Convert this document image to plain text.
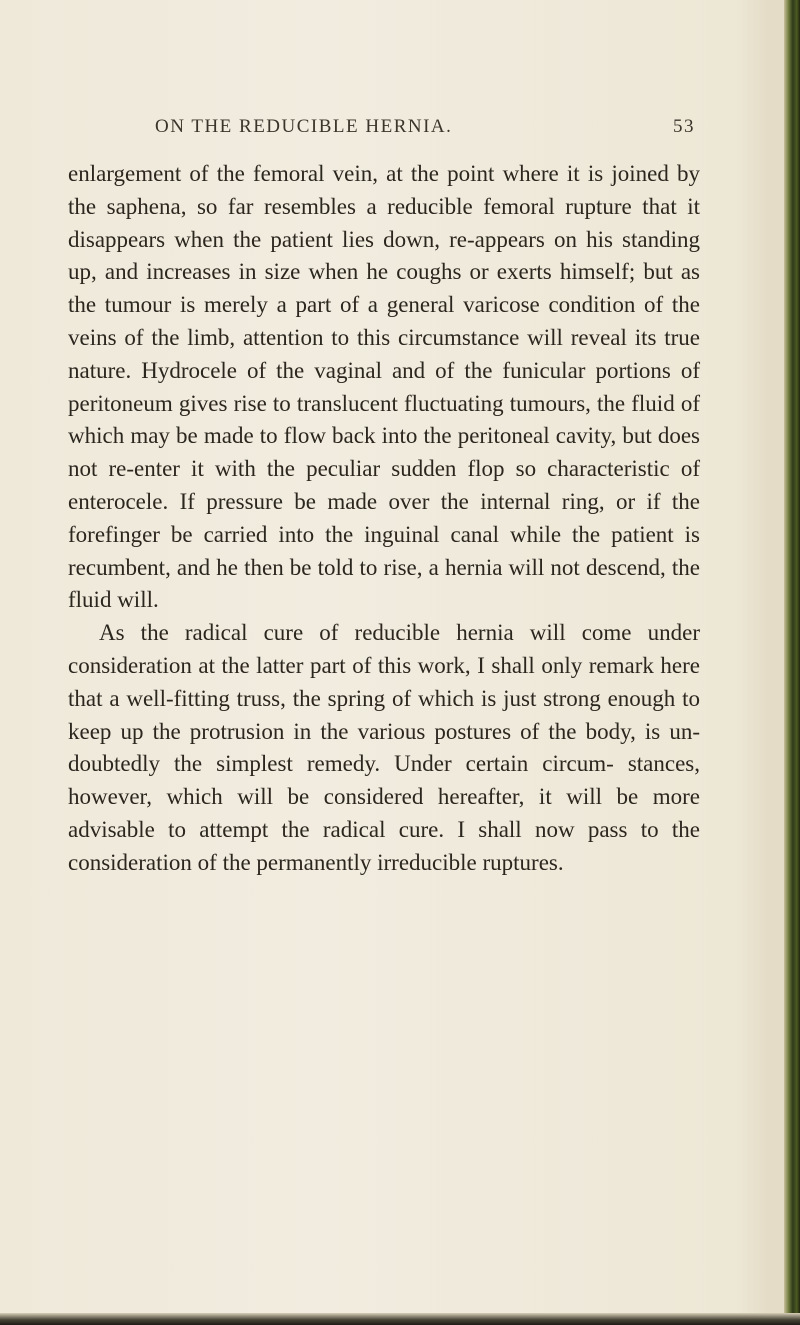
ON THE REDUCIBLE HERNIA.	53

enlargement of the femoral vein, at the point where it is joined by the saphena, so far resembles a reducible femoral rupture that it disappears when the patient lies down, re-appears on his standing up, and increases in size when he coughs or exerts himself; but as the tumour is merely a part of a general varicose condition of the veins of the limb, attention to this circumstance will reveal its true nature. Hydrocele of the vaginal and of the funicular portions of peritoneum gives rise to translucent fluctuating tumours, the fluid of which may be made to flow back into the peritoneal cavity, but does not re-enter it with the peculiar sudden flop so characteristic of enterocele. If pressure be made over the internal ring, or if the forefinger be carried into the inguinal canal while the patient is recumbent, and he then be told to rise, a hernia will not descend, the fluid will.

As the radical cure of reducible hernia will come under consideration at the latter part of this work, I shall only remark here that a well-fitting truss, the spring of which is just strong enough to keep up the protrusion in the various postures of the body, is un- doubtedly the simplest remedy. Under certain circum- stances, however, which will be considered hereafter, it will be more advisable to attempt the radical cure. I shall now pass to the consideration of the permanently irreducible ruptures.
